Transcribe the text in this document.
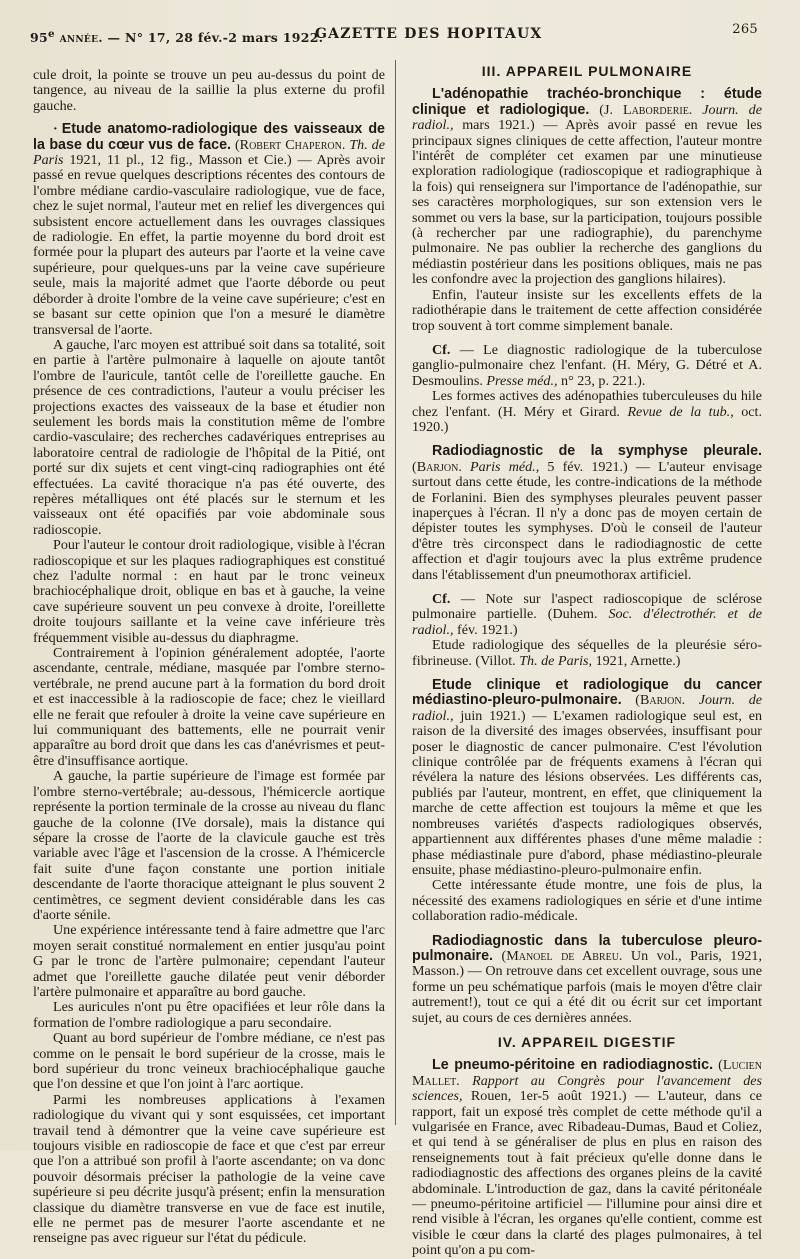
95e année. — N° 17, 28 fév.-2 mars 1922.
GAZETTE DES HOPITAUX	265

cule droit, la pointe se trouve un peu au-dessus du point de tangence, au niveau de la saillie la plus externe du profil gauche.

· Etude anatomo-radiologique des vaisseaux de la base du cœur vus de face. (Robert Chaperon. Th. de Paris 1921, 11 pl., 12 fig., Masson et Cie.) — Après avoir passé en revue quelques descriptions récentes des contours de l'ombre médiane cardio-vasculaire radiologique, vue de face, chez le sujet normal, l'auteur met en relief les divergences qui subsistent encore actuellement dans les ouvrages classiques de radiologie. En effet, la partie moyenne du bord droit est formée pour la plupart des auteurs par l'aorte et la veine cave supérieure, pour quelques-uns par la veine cave supérieure seule, mais la majorité admet que l'aorte déborde ou peut déborder à droite l'ombre de la veine cave supérieure; c'est en se basant sur cette opinion que l'on a mesuré le diamètre transversal de l'aorte.

A gauche, l'arc moyen est attribué soit dans sa totalité, soit en partie à l'artère pulmonaire à laquelle on ajoute tantôt l'ombre de l'auricule, tantôt celle de l'oreillette gauche. En présence de ces contradictions, l'auteur a voulu préciser les projections exactes des vaisseaux de la base et étudier non seulement les bords mais la constitution même de l'ombre cardio-vasculaire; des recherches cadavériques entreprises au laboratoire central de radiologie de l'hôpital de la Pitié, ont porté sur dix sujets et cent vingt-cinq radiographies ont été effectuées. La cavité thoracique n'a pas été ouverte, des repères métalliques ont été placés sur le sternum et les vaisseaux ont été opacifiés par voie abdominale sous radioscopie.

Pour l'auteur le contour droit radiologique, visible à l'écran radioscopique et sur les plaques radiographiques est constitué chez l'adulte normal : en haut par le tronc veineux brachiocéphalique droit, oblique en bas et à gauche, la veine cave supérieure souvent un peu convexe à droite, l'oreillette droite toujours saillante et la veine cave inférieure très fréquemment visible au-dessus du diaphragme.

Contrairement à l'opinion généralement adoptée, l'aorte ascendante, centrale, médiane, masquée par l'ombre sterno-vertébrale, ne prend aucune part à la formation du bord droit et est inaccessible à la radioscopie de face; chez le vieillard elle ne ferait que refouler à droite la veine cave supérieure en lui communiquant des battements, elle ne pourrait venir apparaître au bord droit que dans les cas d'anévrismes et peut-être d'insuffisance aortique.

A gauche, la partie supérieure de l'image est formée par l'ombre sterno-vertébrale; au-dessous, l'hémicercle aortique représente la portion terminale de la crosse au niveau du flanc gauche de la colonne (IVe dorsale), mais la distance qui sépare la crosse de l'aorte de la clavicule gauche est très variable avec l'âge et l'ascension de la crosse. A l'hémicercle fait suite d'une façon constante une portion initiale descendante de l'aorte thoracique atteignant le plus souvent 2 centimètres, ce segment devient considérable dans les cas d'aorte sénile.

Une expérience intéressante tend à faire admettre que l'arc moyen serait constitué normalement en entier jusqu'au point G par le tronc de l'artère pulmonaire; cependant l'auteur admet que l'oreillette gauche dilatée peut venir déborder l'artère pulmonaire et apparaître au bord gauche.

Les auricules n'ont pu être opacifiées et leur rôle dans la formation de l'ombre radiologique a paru secondaire.

Quant au bord supérieur de l'ombre médiane, ce n'est pas comme on le pensait le bord supérieur de la crosse, mais le bord supérieur du tronc veineux brachiocéphalique gauche que l'on dessine et que l'on joint à l'arc aortique.

Parmi les nombreuses applications à l'examen radiologique du vivant qui y sont esquissées, cet important travail tend à démontrer que la veine cave supérieure est toujours visible en radioscopie de face et que c'est par erreur que l'on a attribué son profil à l'aorte ascendante; on va donc pouvoir désormais préciser la pathologie de la veine cave supérieure si peu décrite jusqu'à présent; enfin la mensuration classique du diamètre transverse en vue de face est inutile, elle ne permet pas de mesurer l'aorte ascendante et ne renseigne pas avec rigueur sur l'état du pédicule.

III. APPAREIL PULMONAIRE

L'adénopathie trachéo-bronchique : étude clinique et radiologique. (J. Laborderie. Journ. de radiol., mars 1921.) — Après avoir passé en revue les principaux signes cliniques de cette affection, l'auteur montre l'intérêt de compléter cet examen par une minutieuse exploration radiologique (radioscopique et radiographique à la fois) qui renseignera sur l'importance de l'adénopathie, sur ses caractères morphologiques, sur son extension vers le sommet ou vers la base, sur la participation, toujours possible (à rechercher par une radiographie), du parenchyme pulmonaire. Ne pas oublier la recherche des ganglions du médiastin postérieur dans les positions obliques, mais ne pas les confondre avec la projection des ganglions hilaires).

Enfin, l'auteur insiste sur les excellents effets de la radiothérapie dans le traitement de cette affection considérée trop souvent à tort comme simplement banale.

Cf. — Le diagnostic radiologique de la tuberculose ganglio-pulmonaire chez l'enfant. (H. Méry, G. Détré et A. Desmoulins. Presse méd., n° 23, p. 221.).

Les formes actives des adénopathies tuberculeuses du hile chez l'enfant. (H. Méry et Girard. Revue de la tub., oct. 1920.)

Radiodiagnostic de la symphyse pleurale. (Barjon. Paris méd., 5 fév. 1921.) — L'auteur envisage surtout dans cette étude, les contre-indications de la méthode de Forlanini. Bien des symphyses pleurales peuvent passer inaperçues à l'écran. Il n'y a donc pas de moyen certain de dépister toutes les symphyses. D'où le conseil de l'auteur d'être très circonspect dans le radiodiagnostic de cette affection et d'agir toujours avec la plus extrême prudence dans l'établissement d'un pneumothorax artificiel.

Cf. — Note sur l'aspect radioscopique de sclérose pulmonaire partielle. (Duhem. Soc. d'électrothér. et de radiol., fév. 1921.)

Etude radiologique des séquelles de la pleurésie séro-fibrineuse. (Villot. Th. de Paris, 1921, Arnette.)

Etude clinique et radiologique du cancer médiastino-pleuro-pulmonaire. (Barjon. Journ. de radiol., juin 1921.) — L'examen radiologique seul est, en raison de la diversité des images observées, insuffisant pour poser le diagnostic de cancer pulmonaire. C'est l'évolution clinique contrôlée par de fréquents examens à l'écran qui révélera la nature des lésions observées. Les différents cas, publiés par l'auteur, montrent, en effet, que cliniquement la marche de cette affection est toujours la même et que les nombreuses variétés d'aspects radiologiques observés, appartiennent aux différentes phases d'une même maladie : phase médiastinale pure d'abord, phase médiastino-pleurale ensuite, phase médiastino-pleuro-pulmonaire enfin.

Cette intéressante étude montre, une fois de plus, la nécessité des examens radiologiques en série et d'une intime collaboration radio-médicale.

Radiodiagnostic dans la tuberculose pleuro-pulmonaire. (Manoel de Abreu. Un vol., Paris, 1921, Masson.) — On retrouve dans cet excellent ouvrage, sous une forme un peu schématique parfois (mais le moyen d'être clair autrement!), tout ce qui a été dit ou écrit sur cet important sujet, au cours de ces dernières années.

IV. APPAREIL DIGESTIF

Le pneumo-péritoine en radiodiagnostic. (Lucien Mallet. Rapport au Congrès pour l'avancement des sciences, Rouen, 1er-5 août 1921.) — L'auteur, dans ce rapport, fait un exposé très complet de cette méthode qu'il a vulgarisée en France, avec Ribadeau-Dumas, Baud et Coliez, et qui tend à se généraliser de plus en plus en raison des renseignements tout à fait précieux qu'elle donne dans le radiodiagnostic des affections des organes pleins de la cavité abdominale. L'introduction de gaz, dans la cavité péritonéale — pneumo-péritoine artificiel — l'illumine pour ainsi dire et rend visible à l'écran, les organes qu'elle contient, comme est visible le cœur dans la clarté des plages pulmonaires, à tel point qu'on a pu com-
